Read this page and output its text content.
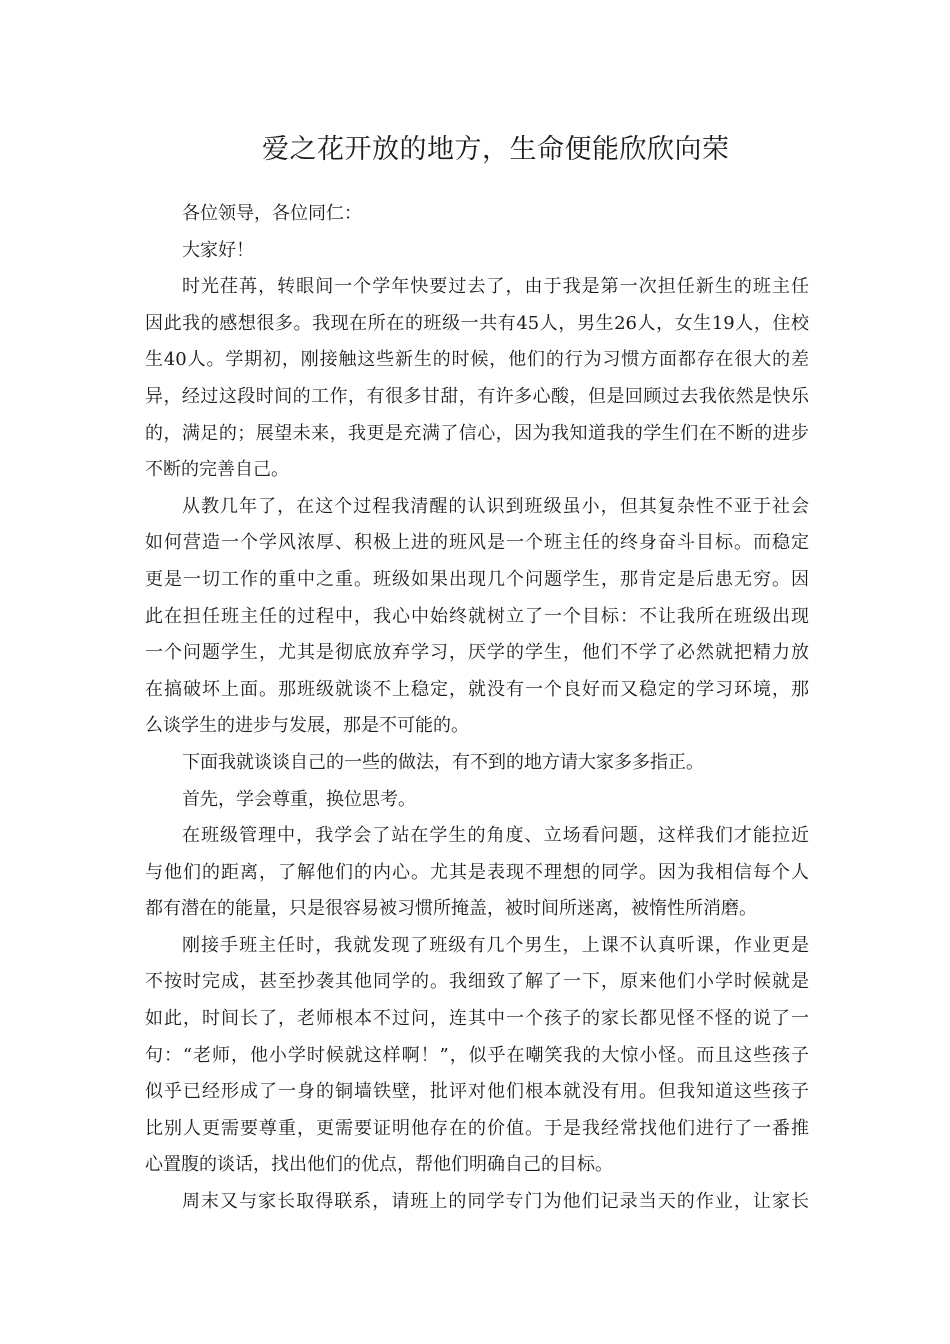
爱之花开放的地方，生命便能欣欣向荣
各位领导，各位同仁：
大家好！
时光荏苒，转眼间一个学年快要过去了，由于我是第一次担任新生的班主任
因此我的感想很多。我现在所在的班级一共有45人，男生26人，女生19人，住校
生40人。学期初，刚接触这些新生的时候，他们的行为习惯方面都存在很大的差
异，经过这段时间的工作，有很多甘甜，有许多心酸，但是回顾过去我依然是快乐
的，满足的；展望未来，我更是充满了信心，因为我知道我的学生们在不断的进步
不断的完善自己。
从教几年了，在这个过程我清醒的认识到班级虽小，但其复杂性不亚于社会
如何营造一个学风浓厚、积极上进的班风是一个班主任的终身奋斗目标。而稳定
更是一切工作的重中之重。班级如果出现几个问题学生，那肯定是后患无穷。因
此在担任班主任的过程中，我心中始终就树立了一个目标：不让我所在班级出现
一个问题学生，尤其是彻底放弃学习，厌学的学生，他们不学了必然就把精力放
在搞破坏上面。那班级就谈不上稳定，就没有一个良好而又稳定的学习环境，那
么谈学生的进步与发展，那是不可能的。
下面我就谈谈自己的一些的做法，有不到的地方请大家多多指正。
首先，学会尊重，换位思考。
在班级管理中，我学会了站在学生的角度、立场看问题，这样我们才能拉近
与他们的距离，了解他们的内心。尤其是表现不理想的同学。因为我相信每个人
都有潜在的能量，只是很容易被习惯所掩盖，被时间所迷离，被惰性所消磨。
刚接手班主任时，我就发现了班级有几个男生，上课不认真听课，作业更是
不按时完成，甚至抄袭其他同学的。我细致了解了一下，原来他们小学时候就是
如此，时间长了，老师根本不过问，连其中一个孩子的家长都见怪不怪的说了一
句：“老师，他小学时候就这样啊！”，似乎在嘲笑我的大惊小怪。而且这些孩子
似乎已经形成了一身的铜墙铁壁，批评对他们根本就没有用。但我知道这些孩子
比别人更需要尊重，更需要证明他存在的价值。于是我经常找他们进行了一番推
心置腹的谈话，找出他们的优点，帮他们明确自己的目标。
周末又与家长取得联系，请班上的同学专门为他们记录当天的作业，让家长
